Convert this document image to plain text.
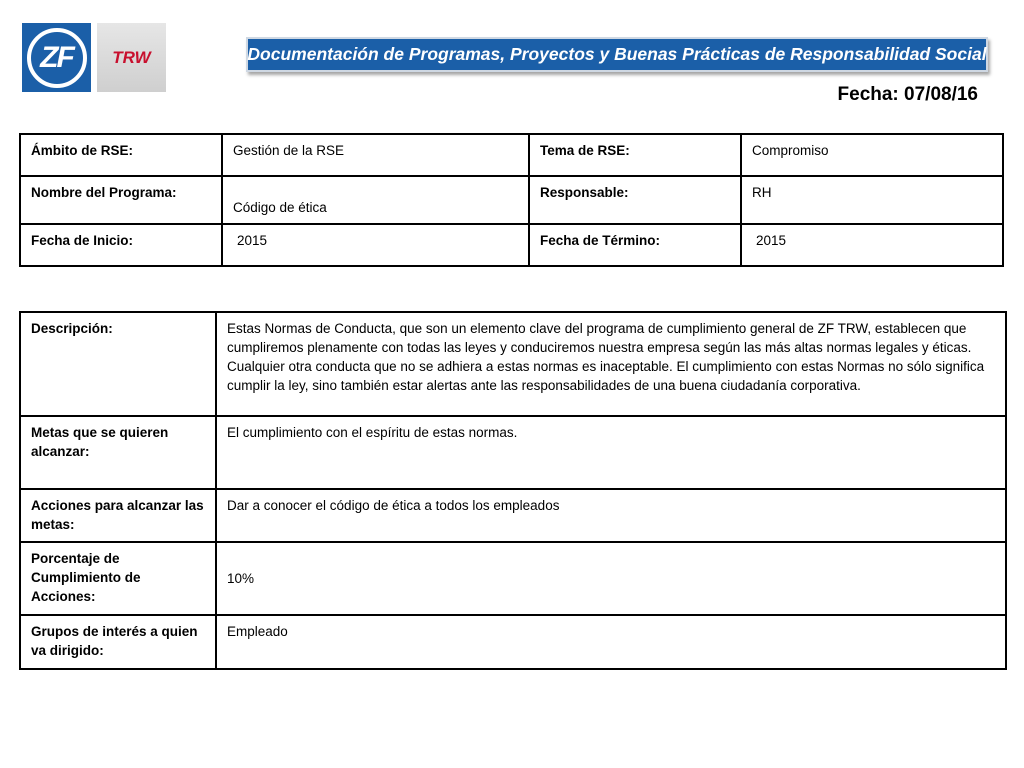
ZF	TRW	Documentación de Programas, Proyectos y Buenas Prácticas de Responsabilidad Social
Fecha: 07/08/16
Ámbito de RSE:	Gestión de la RSE	Tema de RSE:	Compromiso
Nombre del Programa:	Código de ética	Responsable:	RH
Fecha de Inicio:	2015	Fecha de Término:	2015
Descripción:	Estas Normas de Conducta, que son un elemento clave del programa de cumplimiento general de ZF TRW, establecen que cumpliremos plenamente con todas las leyes y conduciremos nuestra empresa según las más altas normas legales y éticas. Cualquier otra conducta que no se adhiera a estas normas es inaceptable. El cumplimiento con estas Normas no sólo significa cumplir la ley, sino también estar alertas ante las responsabilidades de una buena ciudadanía corporativa.
Metas que se quieren alcanzar:	El cumplimiento con el espíritu de estas normas.
Acciones para alcanzar las metas:	Dar a conocer el código de ética a todos los empleados
Porcentaje de Cumplimiento de Acciones:	10%
Grupos de interés a quien va dirigido:	Empleado
